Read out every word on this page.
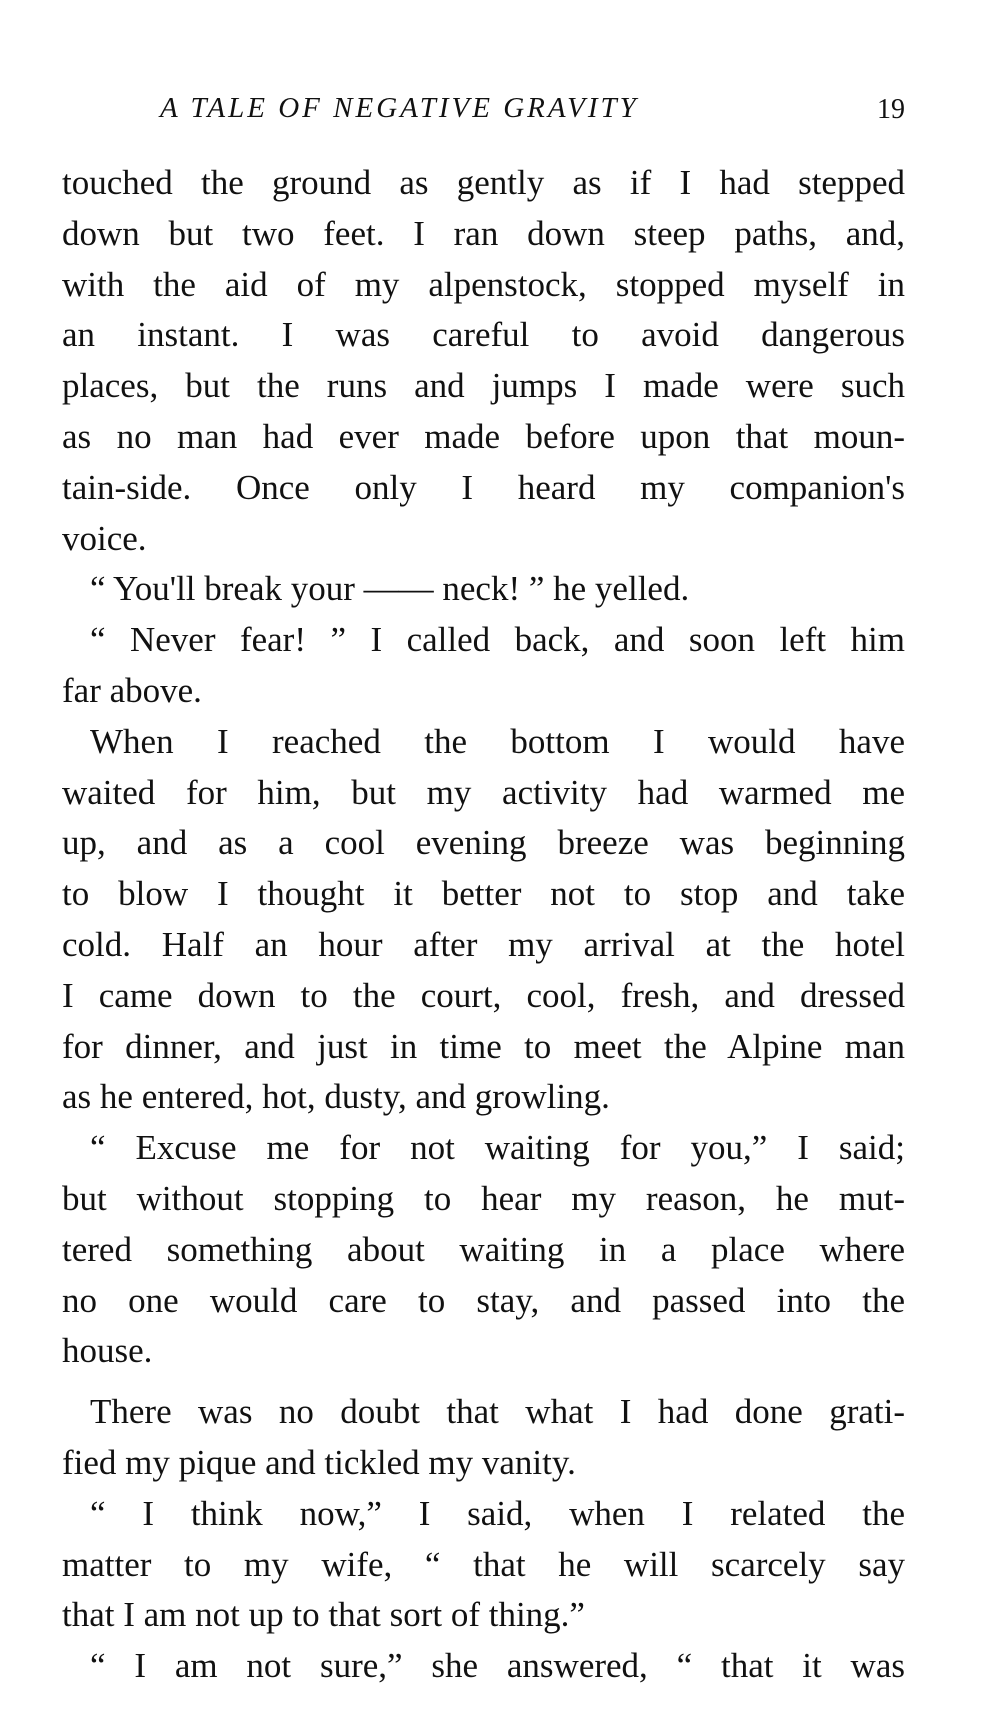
A TALE OF NEGATIVE GRAVITY	19
touched the ground as gently as if I had stepped
down but two feet. I ran down steep paths, and,
with the aid of my alpenstock, stopped myself in
an instant. I was careful to avoid dangerous
places, but the runs and jumps I made were such
as no man had ever made before upon that moun-
tain-side. Once only I heard my companion's
voice.
“ You'll break your —— neck! ” he yelled.
“ Never fear! ” I called back, and soon left him
far above.
When I reached the bottom I would have
waited for him, but my activity had warmed me
up, and as a cool evening breeze was beginning
to blow I thought it better not to stop and take
cold. Half an hour after my arrival at the hotel
I came down to the court, cool, fresh, and dressed
for dinner, and just in time to meet the Alpine man
as he entered, hot, dusty, and growling.
“ Excuse me for not waiting for you,” I said;
but without stopping to hear my reason, he mut-
tered something about waiting in a place where
no one would care to stay, and passed into the
house.
There was no doubt that what I had done grati-
fied my pique and tickled my vanity.
“ I think now,” I said, when I related the
matter to my wife, “ that he will scarcely say
that I am not up to that sort of thing.”
“ I am not sure,” she answered, “ that it was
